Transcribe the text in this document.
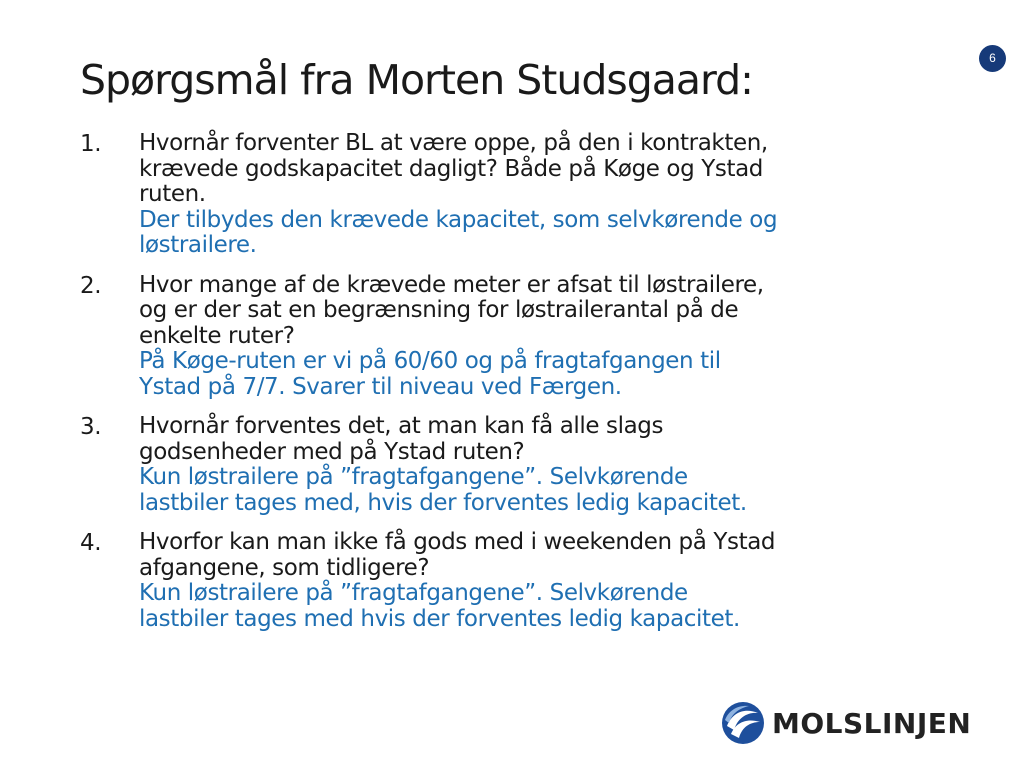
6
Spørgsmål fra Morten Studsgaard:
1.	Hvornår forventer BL at være oppe, på den i kontrakten,
krævede godskapacitet dagligt? Både på Køge og Ystad
ruten.
Der tilbydes den krævede kapacitet, som selvkørende og
løstrailere.
2.	Hvor mange af de krævede meter er afsat til løstrailere,
og er der sat en begrænsning for løstrailerantal på de
enkelte ruter?
På Køge-ruten er vi på 60/60 og på fragtafgangen til
Ystad på 7/7. Svarer til niveau ved Færgen.
3.	Hvornår forventes det, at man kan få alle slags
godsenheder med på Ystad ruten?
Kun løstrailere på ”fragtafgangene”. Selvkørende
lastbiler tages med, hvis der forventes ledig kapacitet.
4.	Hvorfor kan man ikke få gods med i weekenden på Ystad
afgangene, som tidligere?
Kun løstrailere på ”fragtafgangene”. Selvkørende
lastbiler tages med hvis der forventes ledig kapacitet.
MOLSLINJEN
